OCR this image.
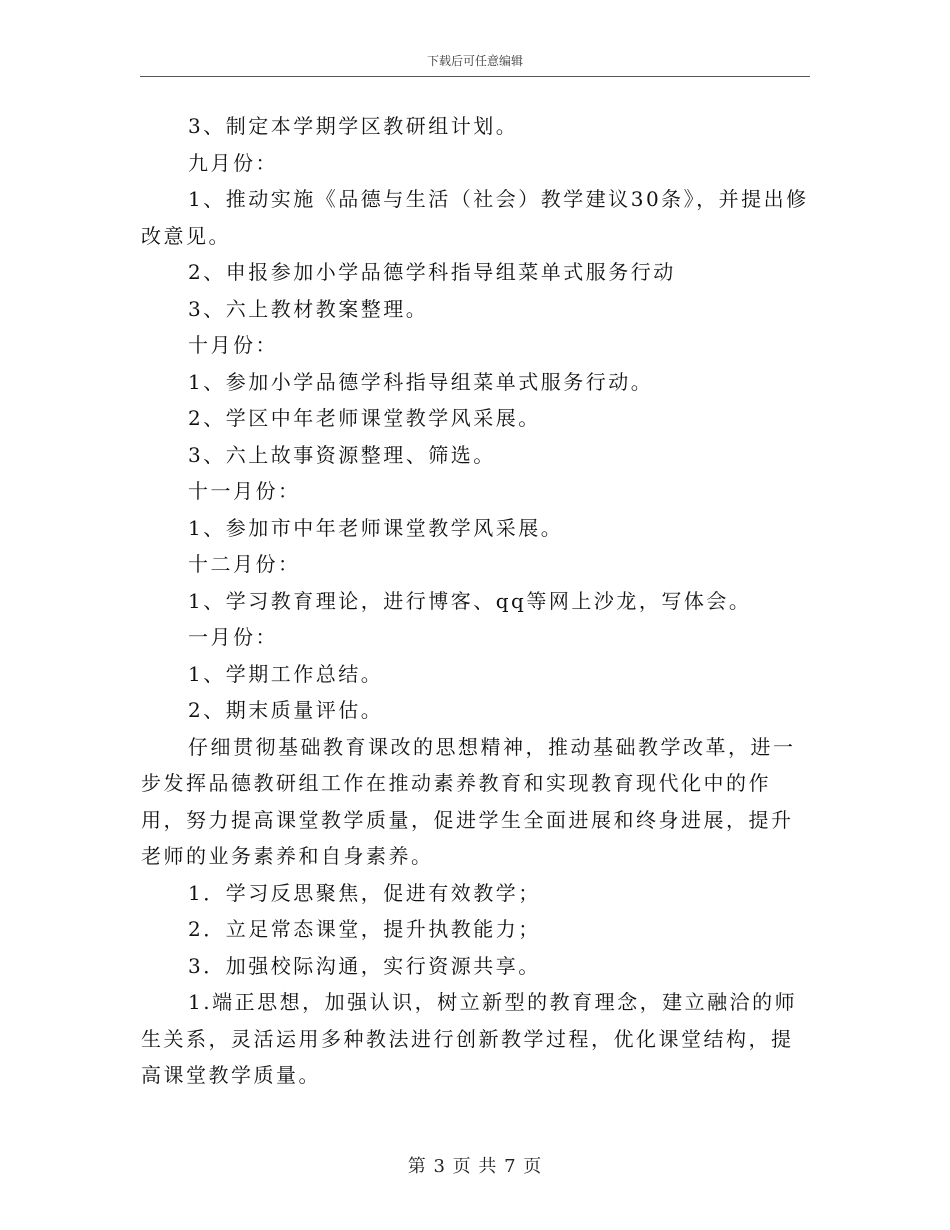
下载后可任意编辑

3、制定本学期学区教研组计划。

九月份：

1、推动实施《品德与生活（社会）教学建议30条》，并提出修改意见。

2、申报参加小学品德学科指导组菜单式服务行动

3、六上教材教案整理。

十月份：

1、参加小学品德学科指导组菜单式服务行动。

2、学区中年老师课堂教学风采展。

3、六上故事资源整理、筛选。

十一月份：

1、参加市中年老师课堂教学风采展。

十二月份：

1、学习教育理论，进行博客、qq等网上沙龙，写体会。

一月份：

1、学期工作总结。

2、期末质量评估。

仔细贯彻基础教育课改的思想精神，推动基础教学改革，进一步发挥品德教研组工作在推动素养教育和实现教育现代化中的作用，努力提高课堂教学质量，促进学生全面进展和终身进展，提升老师的业务素养和自身素养。

1．学习反思聚焦，促进有效教学；

2．立足常态课堂，提升执教能力；

3．加强校际沟通，实行资源共享。

1.端正思想，加强认识，树立新型的教育理念，建立融洽的师生关系，灵活运用多种教法进行创新教学过程，优化课堂结构，提高课堂教学质量。

第 3 页 共 7 页
